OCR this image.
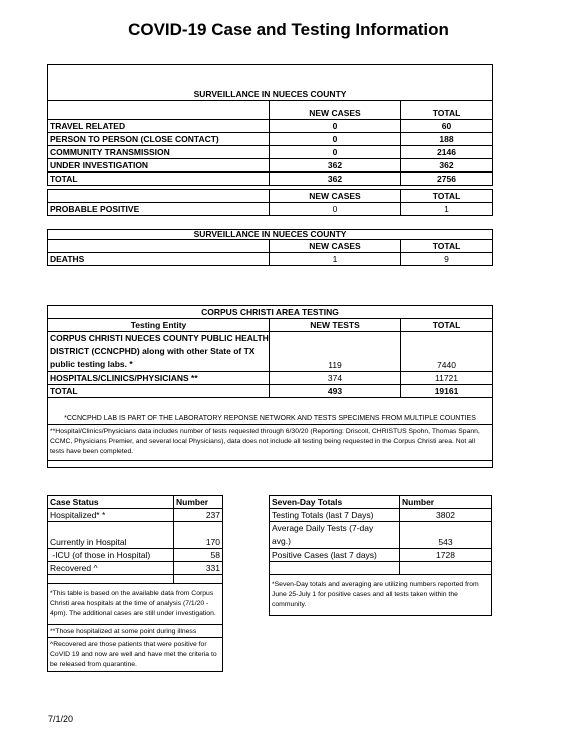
COVID-19 Case and Testing Information

SURVEILLANCE IN NUECES COUNTY		

	NEW CASES	TOTAL
TRAVEL RELATED	0	60
PERSON TO PERSON (CLOSE CONTACT)	0	188
COMMUNITY TRANSMISSION	0	2146
UNDER INVESTIGATION	362	362
TOTAL	362	2756
	NEW CASES	TOTAL
PROBABLE POSITIVE	0	1
SURVEILLANCE IN NUECES COUNTY		
	NEW CASES	TOTAL
DEATHS	1	9
CORPUS CHRISTI AREA TESTING		
Testing Entity	NEW TESTS	TOTAL

CORPUS CHRISTI NUECES COUNTY PUBLIC HEALTH
DISTRICT (CCNCPHD) along with other State of TX
public testing labs. *	119	7440
HOSPITALS/CLINICS/PHYSICIANS **	374	11721
TOTAL	493	19161

*CCNCPHD LAB IS PART OF THE LABORATORY REPONSE NETWORK AND TESTS SPECIMENS FROM MULTIPLE COUNTIES		
**Hospital/Clinics/Physicians data includes number of tests requested through 6/30/20 (Reporting: Driscoll, CHRISTUS Spohn, Thomas Spann, CCMC, Physicians Premier, and several local Physicians), data does not include all testing being requested in the Corpus Christi area. Not all tests have been completed.		

Case Status	Number
Hospitalized* *	237
Currently in Hospital	170
-ICU (of those in Hospital)	58
Recovered ^	331

*This table is based on the available data from Corpus Christi area hospitals at the time of analysis (7/1/20 - 4pm). The additional cases are still under investigation.	
**Those hospitalized at some point during illness	
^Recovered are those patients that were positive for CoVID 19 and now are well and have met the criteria to be released from quarantine.	
Seven-Day Totals	Number
Testing Totals (last 7 Days)	3802

Average Daily Tests (7-day
avg.)	543
Positive Cases (last 7 days)	1728

*Seven-Day totals and averaging are utilizing numbers reported from June 25-July 1 for positive cases and all tests taken within the community.	
7/1/20
